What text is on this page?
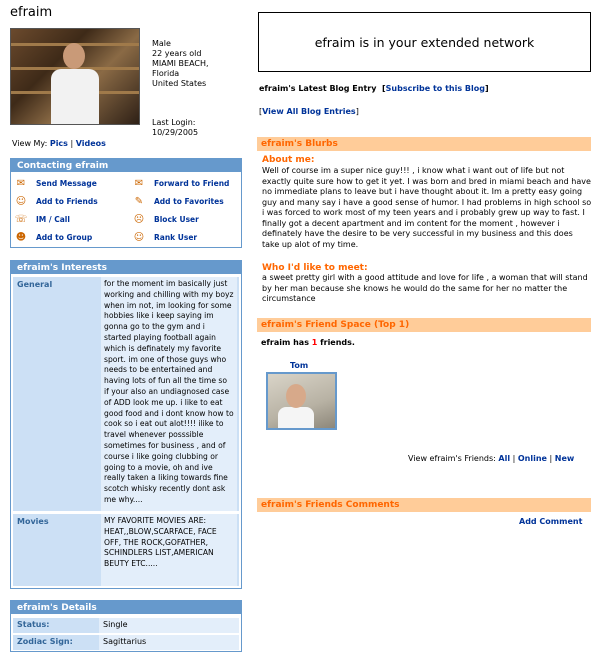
efraim
Male
22 years old
MIAMI BEACH,
Florida
United States
Last Login:
10/29/2005
View My: Pics | Videos
Contacting efraim
✉	Send Message	✉	Forward to Friend
☺ Add to Friends	✎	Add to Favorites
☏ IM / Call	☹ Block User
☻ Add to Group	☺ Rank User
efraim's Interests
General	for the moment im basically just working and chilling with my boyz when im not, im looking for some hobbies like i keep saying im gonna go to the gym and i started playing football again which is definately my favorite sport. im one of those guys who needs to be entertained and having lots of fun all the time so if your also an undiagnosed case of ADD look me up. i like to eat good food and i dont know how to cook so i eat out alot!!!! ilike to travel whenever posssible sometimes for business , and of course i like going clubbing or going to a movie, oh and ive really taken a liking towards fine scotch whisky recently dont ask me why....
Movies	MY FAVORITE MOVIES ARE: HEAT,,BLOW,SCARFACE, FACE OFF, THE ROCK,GOFATHER, SCHINDLERS LIST,AMERICAN BEUTY ETC.....
efraim's Details
Status:	Single
Zodiac Sign:	Sagittarius
efraim is in your extended network
efraim's Latest Blog Entry  [Subscribe to this Blog]
[View All Blog Entries]
efraim's Blurbs
About me:
Well of course im a super nice guy!!! , i know what i want out of life but not exactly quite sure how to get it yet. I was born and bred in miami beach and have no immediate plans to leave but i have thought about it. Im a pretty easy going guy and many say i have a good sense of humor. I had problems in high school so i was forced to work most of my teen years and i probably grew up way to fast. I finally got a decent apartment and im content for the moment , however i definately have the desire to be very successful in my business and this does take up alot of my time.
Who I'd like to meet:
a sweet pretty girl with a good attitude and love for life , a woman that will stand by her man because she knows he would do the same for her no matter the circumstance
efraim's Friend Space (Top 1)
efraim has 1 friends.
Tom
View efraim's Friends: All | Online | New
efraim's Friends Comments
Add Comment
